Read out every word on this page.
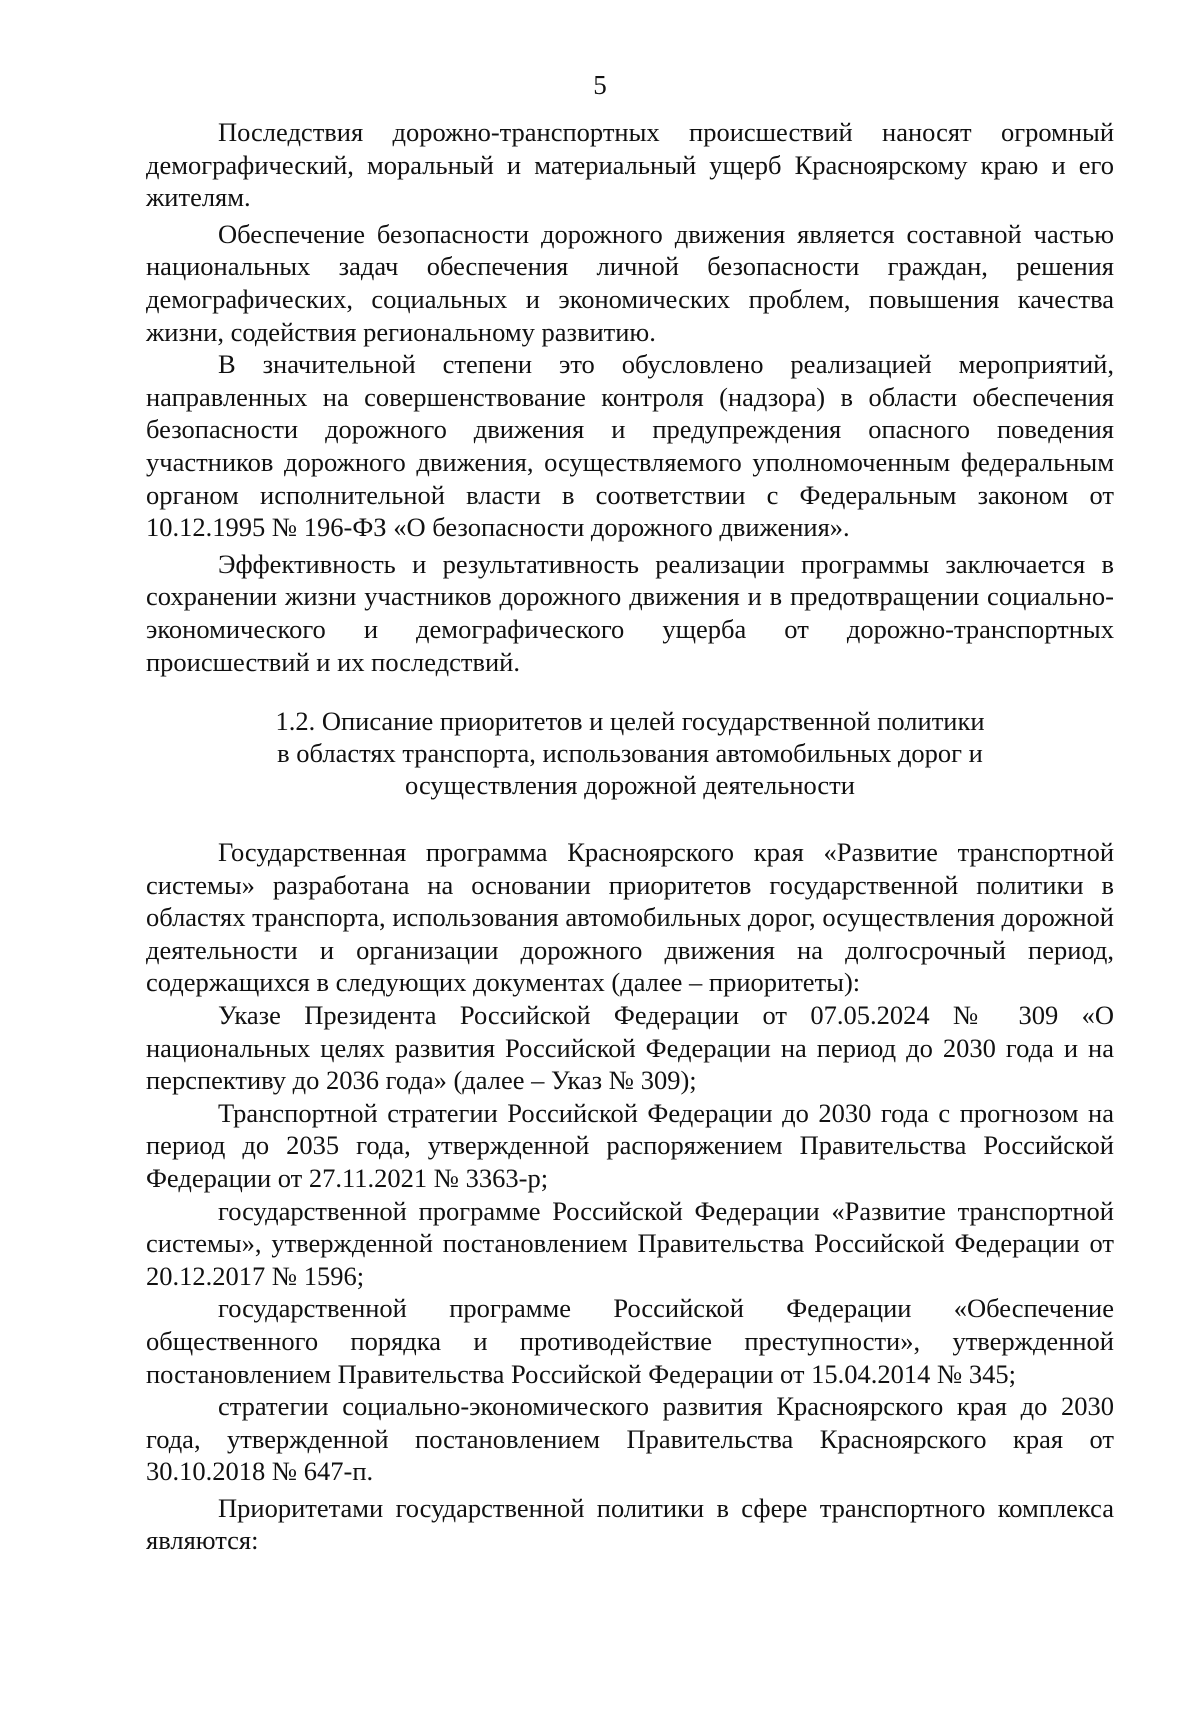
5

Последствия дорожно-транспортных происшествий наносят огромный демографический, моральный и материальный ущерб Красноярскому краю и его жителям.

Обеспечение безопасности дорожного движения является составной частью национальных задач обеспечения личной безопасности граждан, решения демографических, социальных и экономических проблем, повышения качества жизни, содействия региональному развитию.

В значительной степени это обусловлено реализацией мероприятий, направленных на совершенствование контроля (надзора) в области обеспечения безопасности дорожного движения и предупреждения опасного поведения участников дорожного движения, осуществляемого уполномоченным федеральным органом исполнительной власти в соответствии с Федеральным законом от 10.12.1995 № 196-ФЗ «О безопасности дорожного движения».

Эффективность и результативность реализации программы заключается в сохранении жизни участников дорожного движения и в предотвращении социально-экономического и демографического ущерба от дорожно-транспортных происшествий и их последствий.

1.2. Описание приоритетов и целей государственной политики
в областях транспорта, использования автомобильных дорог и
осуществления дорожной деятельности

Государственная программа Красноярского края «Развитие транспортной системы» разработана на основании приоритетов государственной политики в областях транспорта, использования автомобильных дорог, осуществления дорожной деятельности и организации дорожного движения на долгосрочный период, содержащихся в следующих документах (далее – приоритеты):

Указе Президента Российской Федерации от 07.05.2024 № 309 «О национальных целях развития Российской Федерации на период до 2030 года и на перспективу до 2036 года» (далее – Указ № 309);

Транспортной стратегии Российской Федерации до 2030 года с прогнозом на период до 2035 года, утвержденной распоряжением Правительства Российской Федерации от 27.11.2021 № 3363-р;

государственной программе Российской Федерации «Развитие транспортной системы», утвержденной постановлением Правительства Российской Федерации от 20.12.2017 № 1596;

государственной программе Российской Федерации «Обеспечение общественного порядка и противодействие преступности», утвержденной постановлением Правительства Российской Федерации от 15.04.2014 № 345;

стратегии социально-экономического развития Красноярского края до 2030 года, утвержденной постановлением Правительства Красноярского края от 30.10.2018 № 647-п.

Приоритетами государственной политики в сфере транспортного комплекса являются:
